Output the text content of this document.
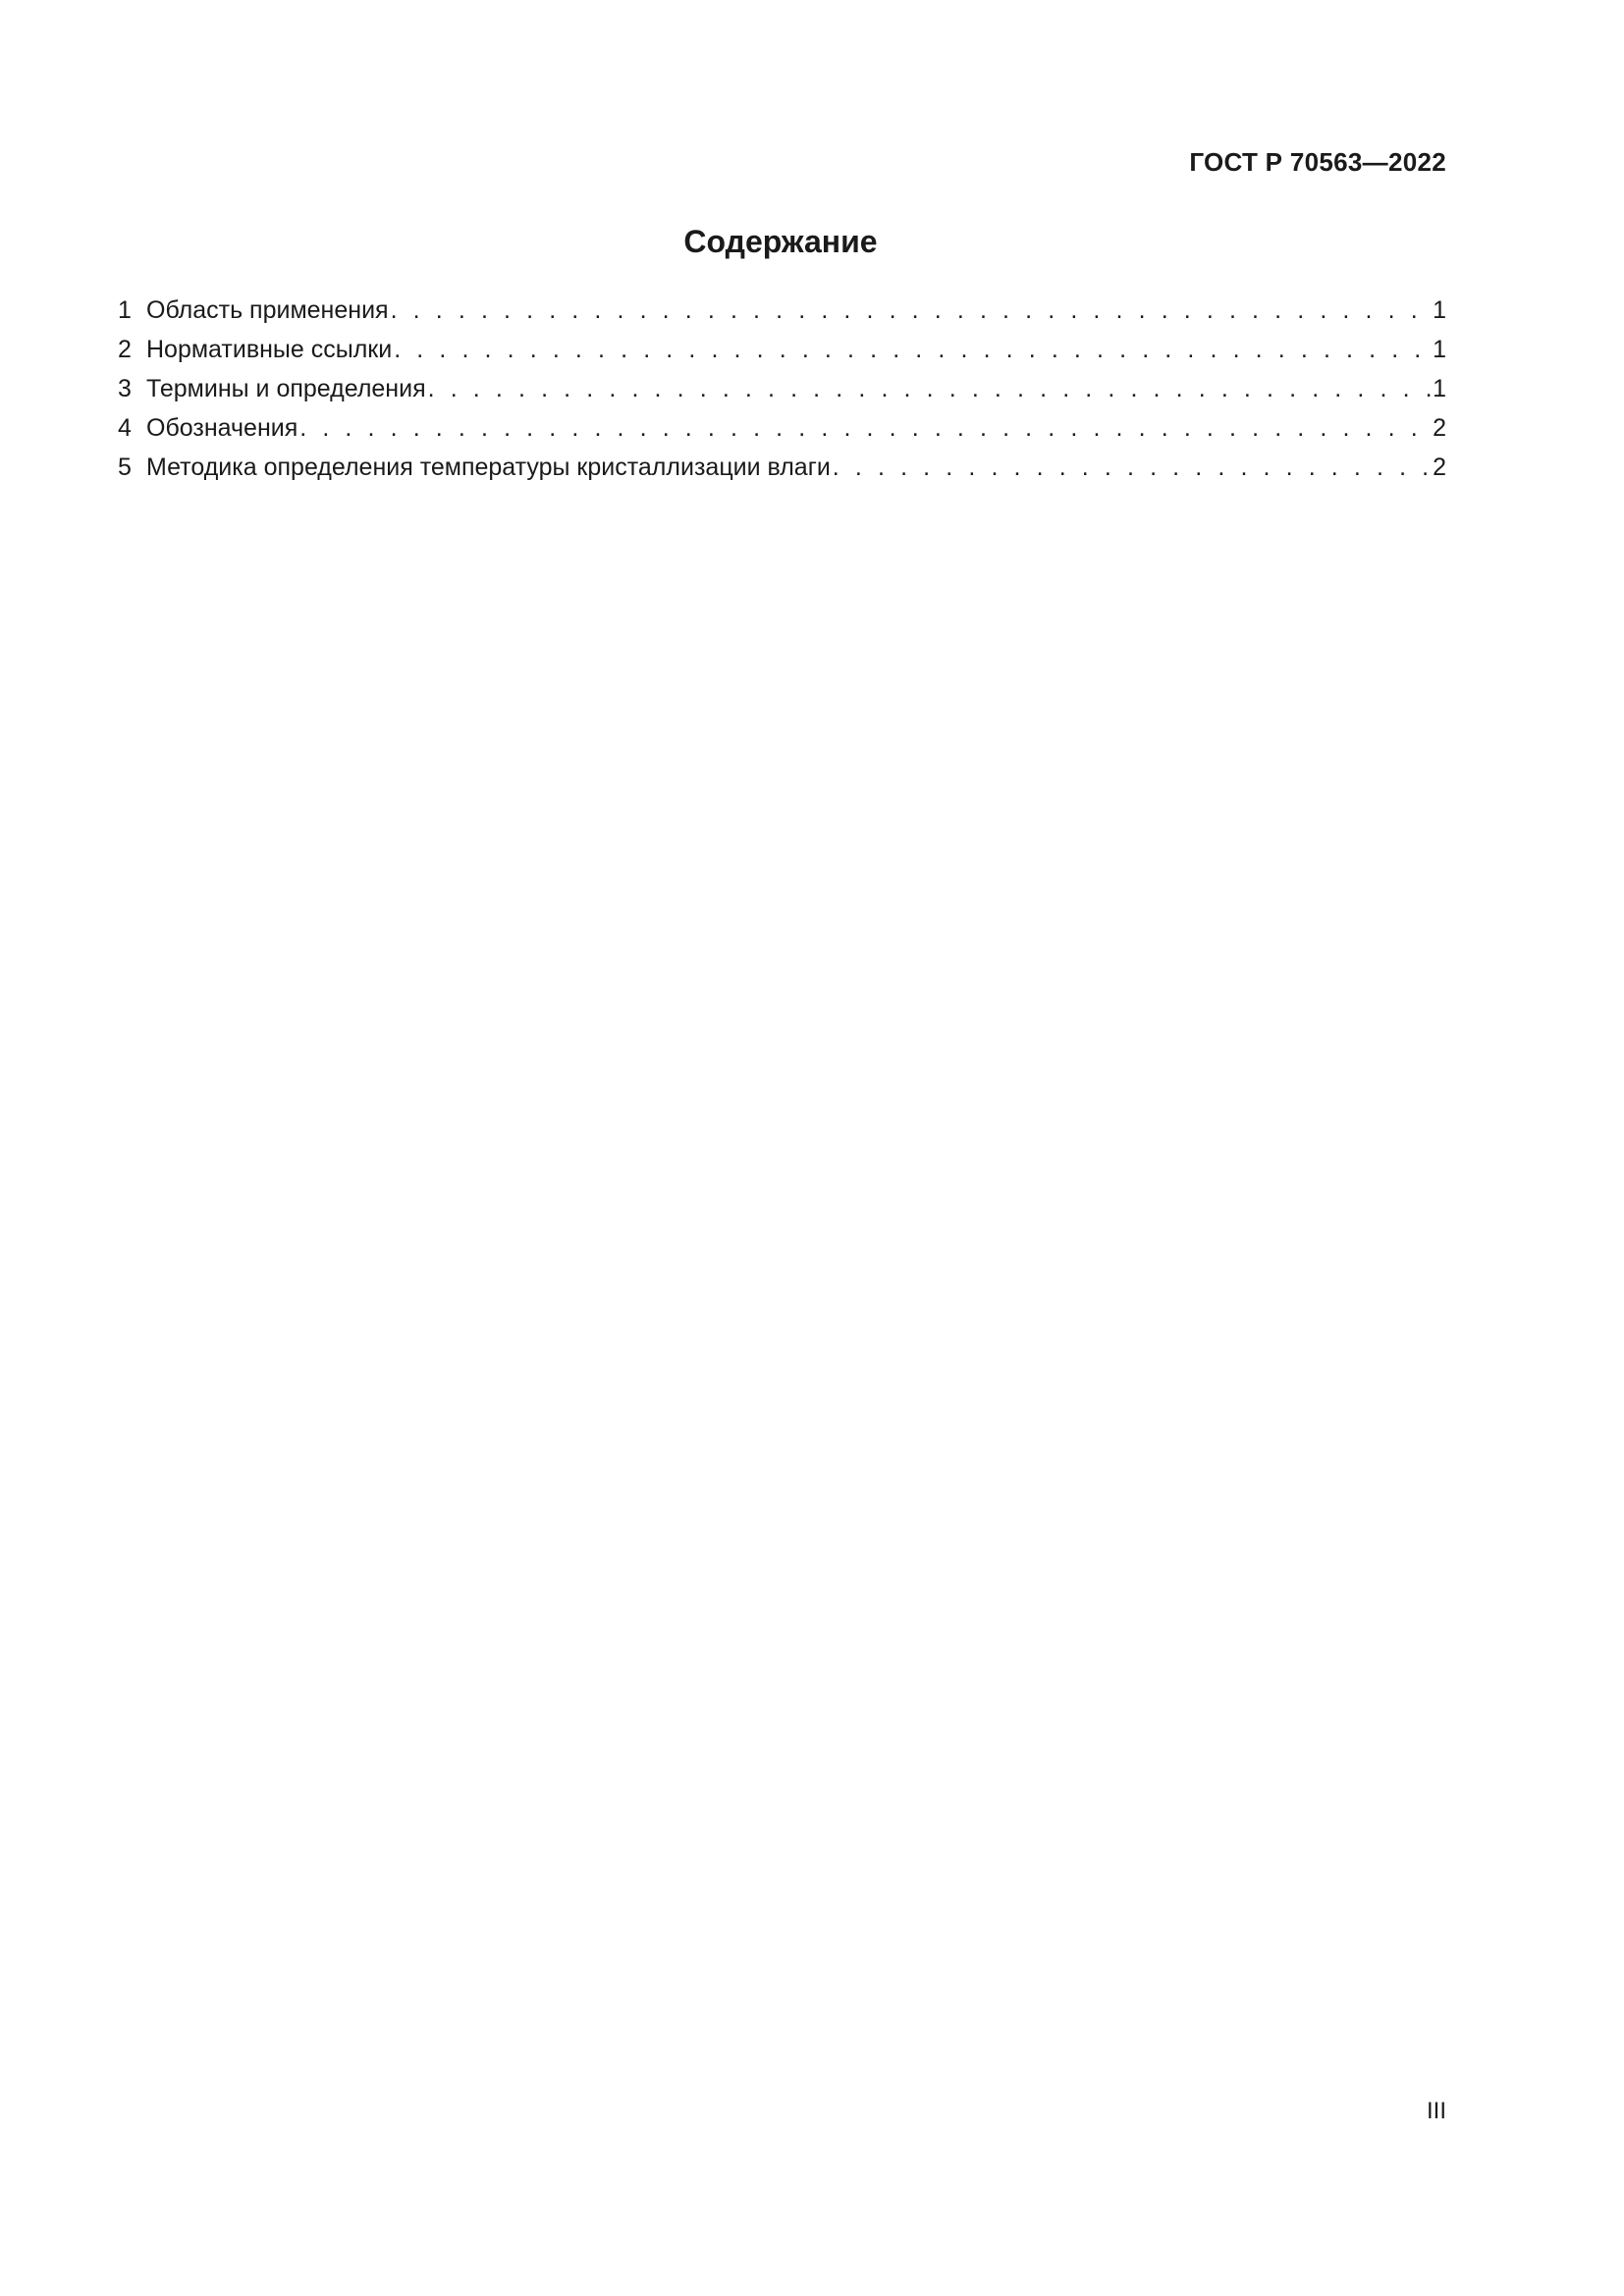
ГОСТ Р 70563—2022
Содержание
1 Область применения . . .	1
2 Нормативные ссылки . . .	1
3 Термины и определения . . .	1
4 Обозначения . . .	2
5 Методика определения температуры кристаллизации влаги . . .	2
III
